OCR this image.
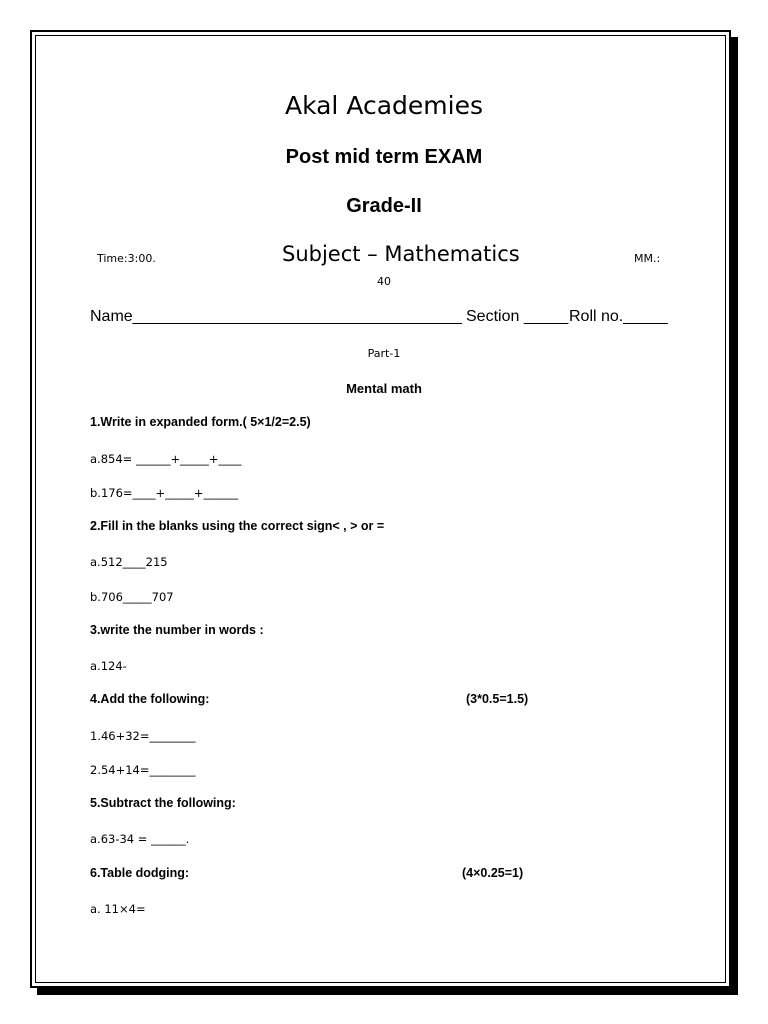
Akal Academies
Post mid term EXAM
Grade-II
Time:3:00.	Subject – Mathematics	MM.:
40
Name_____________________________________ Section _____ Roll no._____
Part-1
Mental math
1.Write in expanded form.( 5×1/2=2.5)
a.854= ______+_____+____
b.176=____+_____+______
2.Fill in the blanks using the correct sign< , > or =
a.512____215
b.706_____707
3.write the number in words :
a.124-
4.Add the following:	(3*0.5=1.5)
1.46+32=________
2.54+14=________
5.Subtract the following:
a.63-34 = ______.
6.Table dodging:	(4×0.25=1)
a. 11×4=
